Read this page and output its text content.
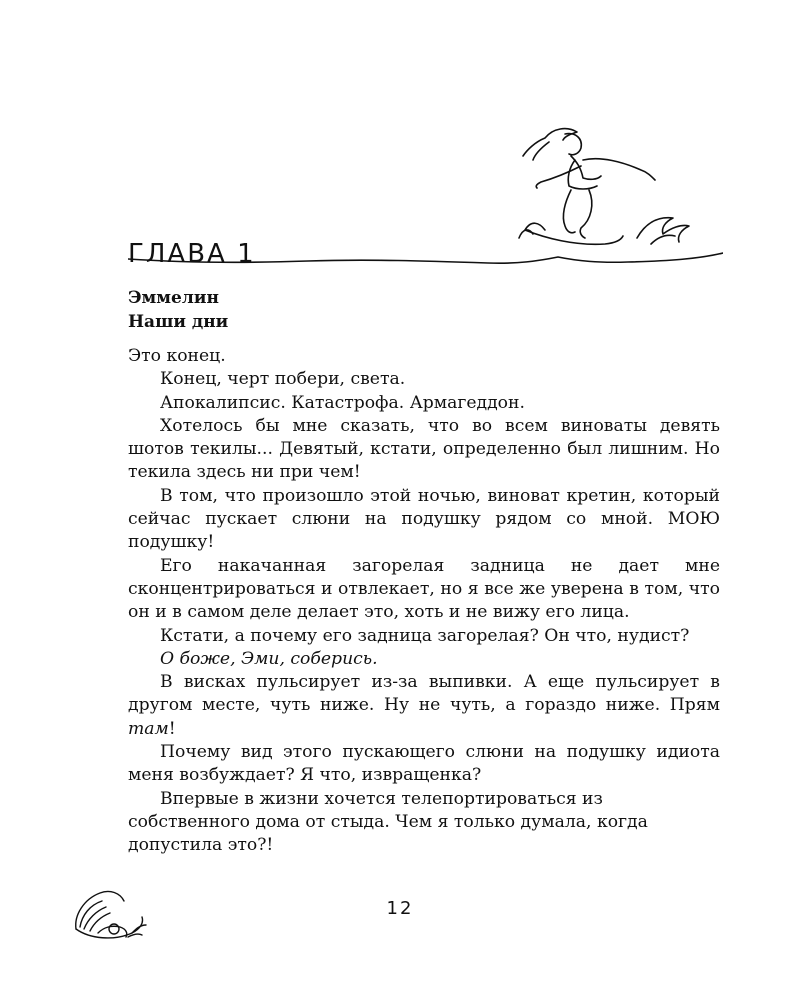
ГЛАВА 1
Эммелин
Наши дни

Это конец.

Конец, черт побери, света.

Апокалипсис. Катастрофа. Армагеддон.

Хотелось бы мне сказать, что во всем виноваты девять шотов текилы... Девятый, кстати, определенно был лишним. Но текила здесь ни при чем!

В том, что произошло этой ночью, виноват кретин, который сейчас пускает слюни на подушку рядом со мной. МОЮ подушку!

Его накачанная загорелая задница не дает мне сконцентрироваться и отвлекает, но я все же уверена в том, что он и в самом деле делает это, хоть и не вижу его лица.

Кстати, а почему его задница загорелая? Он что, нудист?

О боже, Эми, соберись.

В висках пульсирует из-за выпивки. А еще пульсирует в другом месте, чуть ниже. Ну не чуть, а гораздо ниже. Прям там!

Почему вид этого пускающего слюни на подушку идиота меня возбуждает? Я что, извращенка?

Впервые в жизни хочется телепортироваться из собственного дома от стыда. Чем я только думала, когда допустила это?!

12
